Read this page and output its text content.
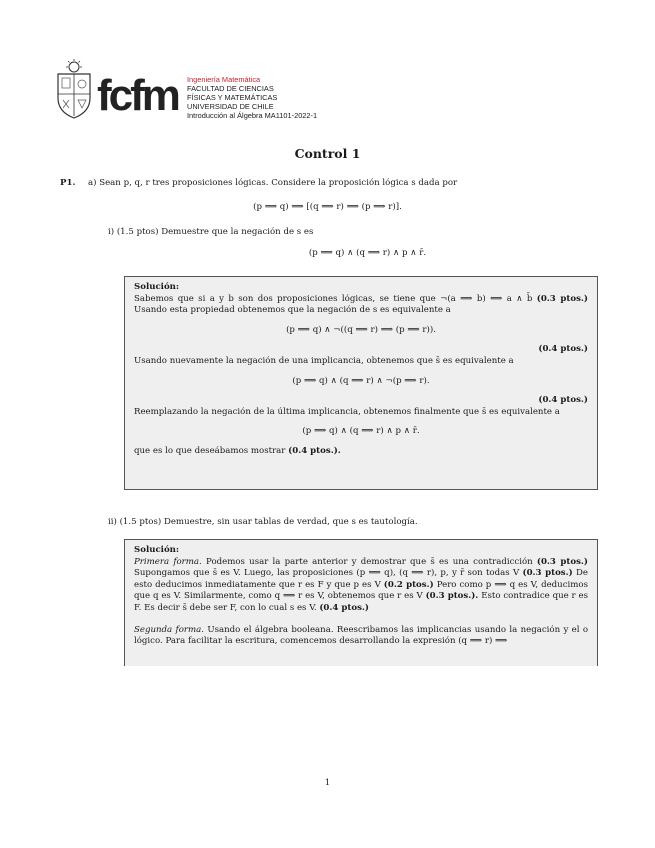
fcfm Ingeniería Matemática
FACULTAD DE CIENCIAS
FÍSICAS Y MATEMÁTICAS
UNIVERSIDAD DE CHILE
Introducción al Álgebra MA1101-2022-1
Control 1
P1. a) Sean p, q, r tres proposiciones lógicas. Considere la proposición lógica s dada por
(p ⟹ q) ⟹ [(q ⟹ r) ⟹ (p ⟹ r)].
i) (1.5 ptos) Demuestre que la negación de s es
(p ⟹ q) ∧ (q ⟹ r) ∧ p ∧ r̄.

Solución:

Sabemos que si a y b son dos proposiciones lógicas, se tiene que ¬(a ⟹ b) ⟺ a ∧ b̄ (0.3 ptos.) Usando esta propiedad obtenemos que la negación de s es equivalente a

(p ⟹ q) ∧ ¬((q ⟹ r) ⟹ (p ⟹ r)).

(0.4 ptos.)

Usando nuevamente la negación de una implicancia, obtenemos que s̄ es equivalente a

(p ⟹ q) ∧ (q ⟹ r) ∧ ¬(p ⟹ r).

(0.4 ptos.)

Reemplazando la negación de la última implicancia, obtenemos finalmente que s̄ es equivalente a

(p ⟹ q) ∧ (q ⟹ r) ∧ p ∧ r̄.

que es lo que deseábamos mostrar (0.4 ptos.).

ii) (1.5 ptos) Demuestre, sin usar tablas de verdad, que s es tautología.

Solución:

Primera forma. Podemos usar la parte anterior y demostrar que s̄ es una contradicción (0.3 ptos.) Supongamos que s̄ es V. Luego, las proposiciones (p ⟹ q), (q ⟹ r), p, y r̄ son todas V (0.3 ptos.) De esto deducimos inmediatamente que r es F y que p es V (0.2 ptos.) Pero como p ⟹ q es V, deducimos que q es V. Similarmente, como q ⟹ r es V, obtenemos que r es V (0.3 ptos.). Esto contradice que r es F. Es decir s̄ debe ser F, con lo cual s es V. (0.4 ptos.)

Segunda forma. Usando el álgebra booleana. Reescribamos las implicancias usando la negación y el o lógico. Para facilitar la escritura, comencemos desarrollando la expresión (q ⟹ r) ⟹

1
